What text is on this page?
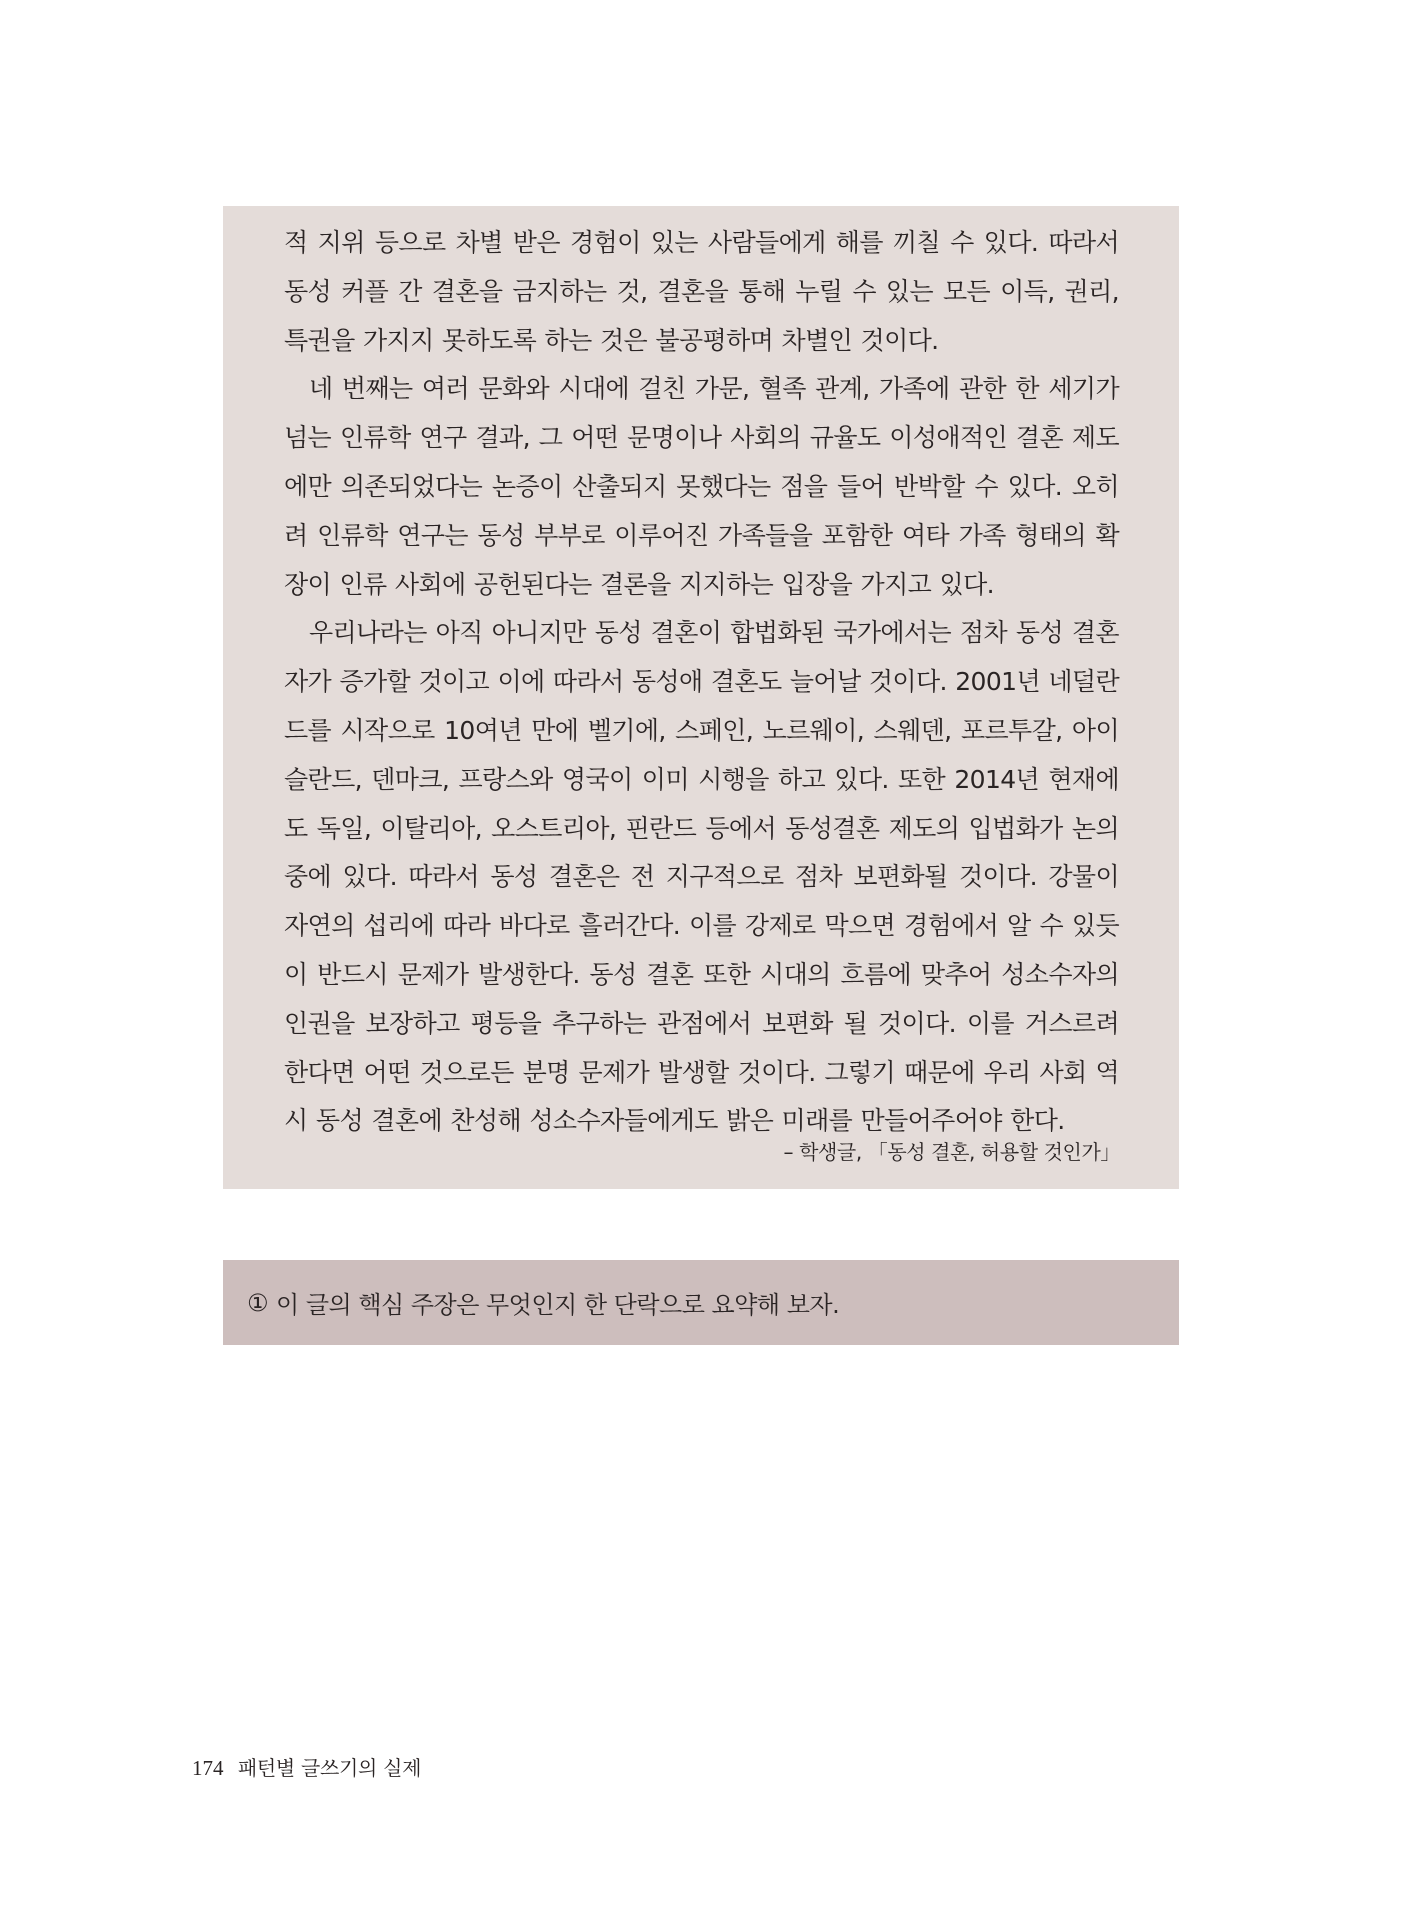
적 지위 등으로 차별 받은 경험이 있는 사람들에게 해를 끼칠 수 있다. 따라서 동성 커플 간 결혼을 금지하는 것, 결혼을 통해 누릴 수 있는 모든 이득, 권리, 특권을 가지지 못하도록 하는 것은 불공평하며 차별인 것이다.

네 번째는 여러 문화와 시대에 걸친 가문, 혈족 관계, 가족에 관한 한 세기가 넘는 인류학 연구 결과, 그 어떤 문명이나 사회의 규율도 이성애적인 결혼 제도에만 의존되었다는 논증이 산출되지 못했다는 점을 들어 반박할 수 있다. 오히려 인류학 연구는 동성 부부로 이루어진 가족들을 포함한 여타 가족 형태의 확장이 인류 사회에 공헌된다는 결론을 지지하는 입장을 가지고 있다.

우리나라는 아직 아니지만 동성 결혼이 합법화된 국가에서는 점차 동성 결혼자가 증가할 것이고 이에 따라서 동성애 결혼도 늘어날 것이다. 2001년 네덜란드를 시작으로 10여년 만에 벨기에, 스페인, 노르웨이, 스웨덴, 포르투갈, 아이슬란드, 덴마크, 프랑스와 영국이 이미 시행을 하고 있다. 또한 2014년 현재에도 독일, 이탈리아, 오스트리아, 핀란드 등에서 동성결혼 제도의 입법화가 논의 중에 있다. 따라서 동성 결혼은 전 지구적으로 점차 보편화될 것이다. 강물이 자연의 섭리에 따라 바다로 흘러간다. 이를 강제로 막으면 경험에서 알 수 있듯이 반드시 문제가 발생한다. 동성 결혼 또한 시대의 흐름에 맞추어 성소수자의 인권을 보장하고 평등을 추구하는 관점에서 보편화 될 것이다. 이를 거스르려 한다면 어떤 것으로든 분명 문제가 발생할 것이다. 그렇기 때문에 우리 사회 역시 동성 결혼에 찬성해 성소수자들에게도 밝은 미래를 만들어주어야 한다.

– 학생글, 「동성 결혼, 허용할 것인가」
① 이 글의 핵심 주장은 무엇인지 한 단락으로 요약해 보자.
174 패턴별 글쓰기의 실제
